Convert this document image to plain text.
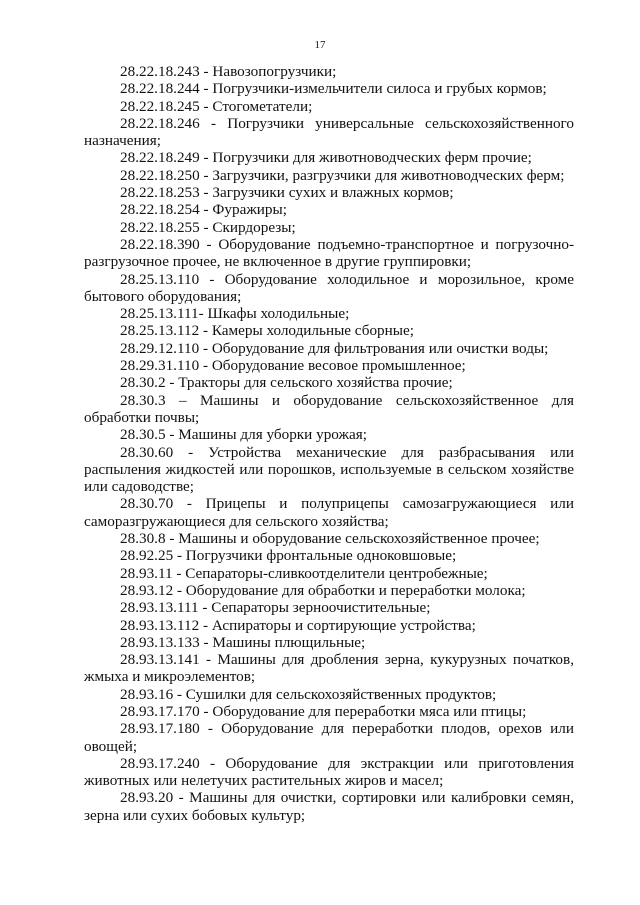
17

28.22.18.243 - Навозопогрузчики;

28.22.18.244 - Погрузчики-измельчители силоса и грубых кормов;

28.22.18.245 - Стогометатели;

28.22.18.246 - Погрузчики универсальные сельскохозяйственного назначения;

28.22.18.249 - Погрузчики для животноводческих ферм прочие;

28.22.18.250 - Загрузчики, разгрузчики для животноводческих ферм;

28.22.18.253 - Загрузчики сухих и влажных кормов;

28.22.18.254 - Фуражиры;

28.22.18.255 - Скирдорезы;

28.22.18.390 - Оборудование подъемно-транспортное и погрузочно-разгрузочное прочее, не включенное в другие группировки;

28.25.13.110 - Оборудование холодильное и морозильное, кроме бытового оборудования;

28.25.13.111- Шкафы холодильные;

28.25.13.112 - Камеры холодильные сборные;

28.29.12.110 - Оборудование для фильтрования или очистки воды;

28.29.31.110 - Оборудование весовое промышленное;

28.30.2 - Тракторы для сельского хозяйства прочие;

28.30.3 – Машины и оборудование сельскохозяйственное для обработки почвы;

28.30.5 - Машины для уборки урожая;

28.30.60 - Устройства механические для разбрасывания или распыления жидкостей или порошков, используемые в сельском хозяйстве или садоводстве;

28.30.70 - Прицепы и полуприцепы самозагружающиеся или саморазгружающиеся для сельского хозяйства;

28.30.8 - Машины и оборудование сельскохозяйственное прочее;

28.92.25 - Погрузчики фронтальные одноковшовые;

28.93.11 - Сепараторы-сливкоотделители центробежные;

28.93.12 - Оборудование для обработки и переработки молока;

28.93.13.111 - Сепараторы зерноочистительные;

28.93.13.112 - Аспираторы и сортирующие устройства;

28.93.13.133 - Машины плющильные;

28.93.13.141 - Машины для дробления зерна, кукурузных початков, жмыха и микроэлементов;

28.93.16 - Сушилки для сельскохозяйственных продуктов;

28.93.17.170 - Оборудование для переработки мяса или птицы;

28.93.17.180 - Оборудование для переработки плодов, орехов или овощей;

28.93.17.240 - Оборудование для экстракции или приготовления животных или нелетучих растительных жиров и масел;

28.93.20 - Машины для очистки, сортировки или калибровки семян, зерна или сухих бобовых культур;
